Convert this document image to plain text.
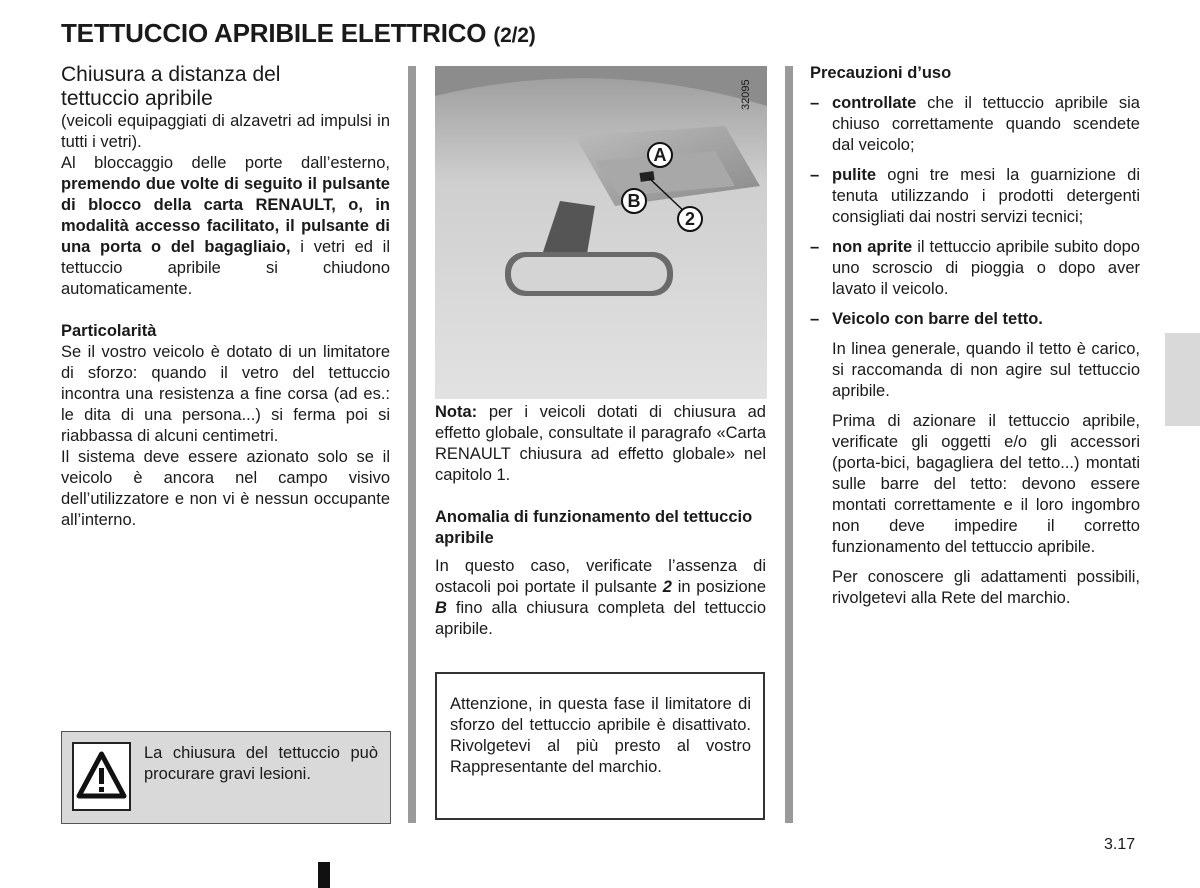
TETTUCCIO APRIBILE ELETTRICO (2/2)
Chiusura a distanza del
tettuccio apribile

(veicoli equipaggiati di alzavetri ad impulsi in tutti i vetri).

Al bloccaggio delle porte dall’esterno, premendo due volte di seguito il pulsante di blocco della carta RENAULT, o, in modalità accesso facilitato, il pulsante di una porta o del bagagliaio, i vetri ed il tettuccio apribile si chiudono automaticamente.

Particolarità

Se il vostro veicolo è dotato di un limitatore di sforzo: quando il vetro del tettuccio incontra una resistenza a fine corsa (ad es.: le dita di una persona...) si ferma poi si riabbassa di alcuni centimetri.

Il sistema deve essere azionato solo se il veicolo è ancora nel campo visivo dell’utilizzatore e non vi è nessun occupante all’interno.

La chiusura del tettuccio può procurare gravi lesioni.
32095
A
B
2

Nota: per i veicoli dotati di chiusura ad effetto globale, consultate il paragrafo «Carta RENAULT chiusura ad effetto globale» nel capitolo 1.

Anomalia di funzionamento del tettuccio apribile

In questo caso, verificate l’assenza di ostacoli poi portate il pulsante 2 in posizione B fino alla chiusura completa del tettuccio apribile.

Attenzione, in questa fase il limitatore di sforzo del tettuccio apribile è disattivato. Rivolgetevi al più presto al vostro Rappresentante del marchio.

Precauzioni d’uso

– controllate che il tettuccio apribile sia chiuso correttamente quando scendete dal veicolo;

– pulite ogni tre mesi la guarnizione di tenuta utilizzando i prodotti detergenti consigliati dai nostri servizi tecnici;

– non aprite il tettuccio apribile subito dopo uno scroscio di pioggia o dopo aver lavato il veicolo.

– Veicolo con barre del tetto.

In linea generale, quando il tetto è carico, si raccomanda di non agire sul tettuccio apribile.

Prima di azionare il tettuccio apribile, verificate gli oggetti e/o gli accessori (porta-bici, bagagliera del tetto...) montati sulle barre del tetto: devono essere montati correttamente e il loro ingombro non deve impedire il corretto funzionamento del tettuccio apribile.

Per conoscere gli adattamenti possibili, rivolgetevi alla Rete del marchio.

3.17
